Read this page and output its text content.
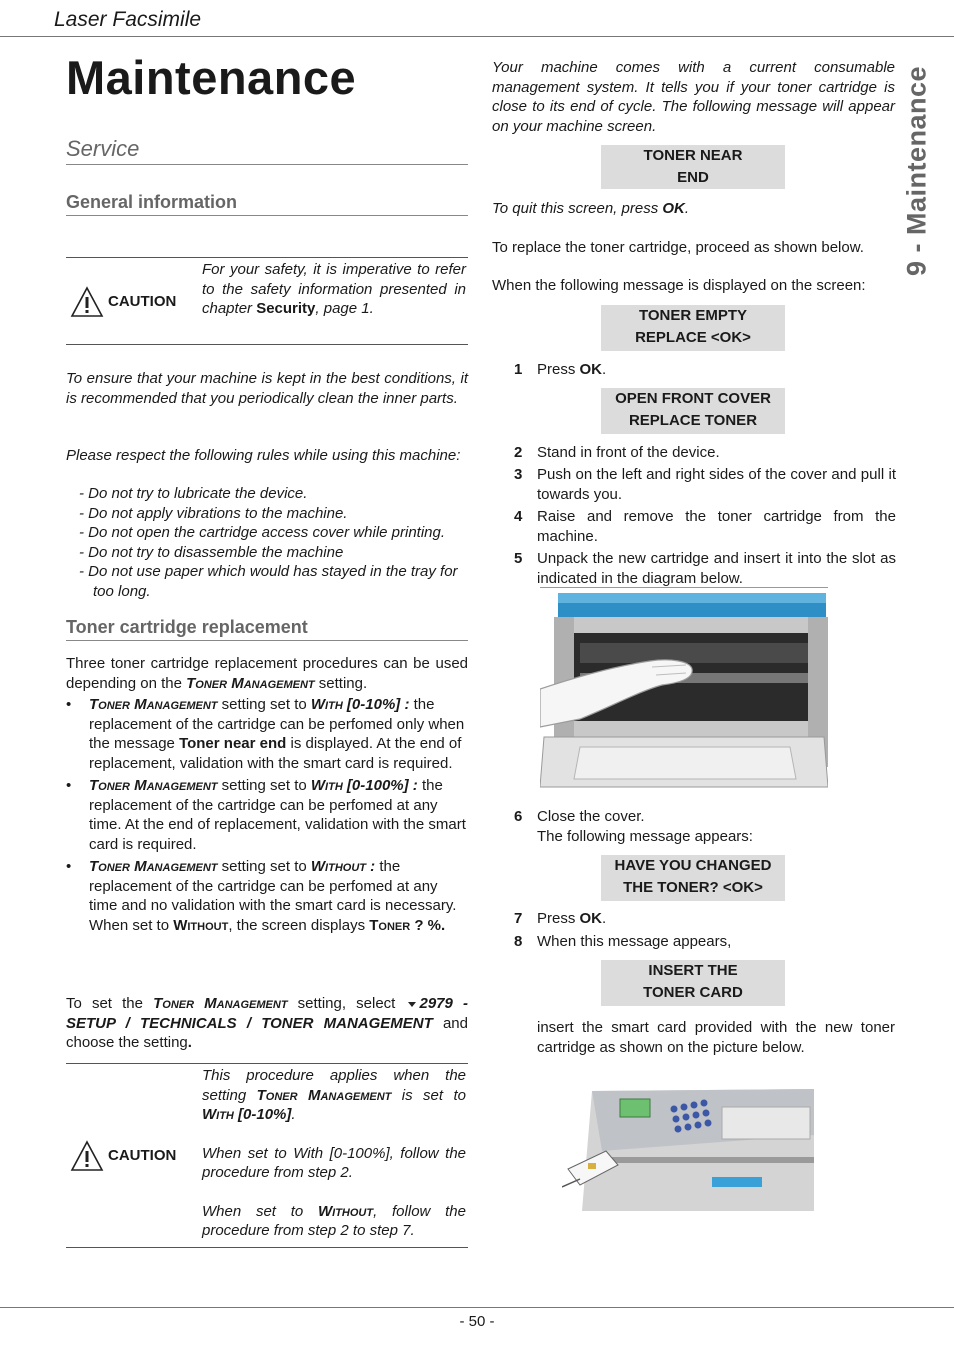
Laser Facsimile
9 - Maintenance
- 50 -
Maintenance
Service
General information
CAUTION
For your safety, it is imperative to refer to the safety information presented in chapter Security, page 1.
To ensure that your machine is kept in the best conditions, it is recommended that you periodically clean the inner parts.
Please respect the following rules while using this machine:
- Do not try to lubricate the device.
- Do not apply vibrations to the machine.
- Do not open the cartridge access cover while printing.
- Do not try to disassemble the machine
- Do not use paper which would has stayed in the tray for too long.
Toner cartridge replacement
Three toner cartridge replacement procedures can be used depending on the Toner Management setting.
• Toner Management setting set to With [0-10%] : the replacement of the cartridge can be perfomed only when the message Toner near end is displayed. At the end of replacement, validation with the smart card is required.
• Toner Management setting set to With [0-100%] : the replacement of the cartridge can be perfomed at any time. At the end of replacement, validation with the smart card is required.
• Toner Management setting set to Without : the replacement of the cartridge can be perfomed at any time and no validation with the smart card is necessary. When set to Without, the screen displays Toner ? %.
To set the Toner Management setting, select 2979 - SETUP / TECHNICALS / TONER MANAGEMENT and choose the setting.
CAUTION
This procedure applies when the setting Toner Management is set to With [0-10%].
When set to With [0-100%], follow the procedure from step 2.
When set to Without, follow the procedure from step 2 to step 7.
Your machine comes with a current consumable management system. It tells you if your toner cartridge is close to its end of cycle. The following message will appear on your machine screen.
TONER NEAR
END
To quit this screen, press OK.
To replace the toner cartridge, proceed as shown below.
When the following message is displayed on the screen:
TONER EMPTY
REPLACE <OK>
1 Press OK.
OPEN FRONT COVER
REPLACE TONER
2 Stand in front of the device.
3 Push on the left and right sides of the cover and pull it towards you.
4 Raise and remove the toner cartridge from the machine.
5 Unpack the new cartridge and insert it into the slot as indicated in the diagram below.
6 Close the cover.
The following message appears:
HAVE YOU CHANGED
THE TONER? <OK>
7 Press OK.
8 When this message appears,
INSERT THE
TONER CARD
insert the smart card provided with the new toner cartridge as shown on the picture below.
